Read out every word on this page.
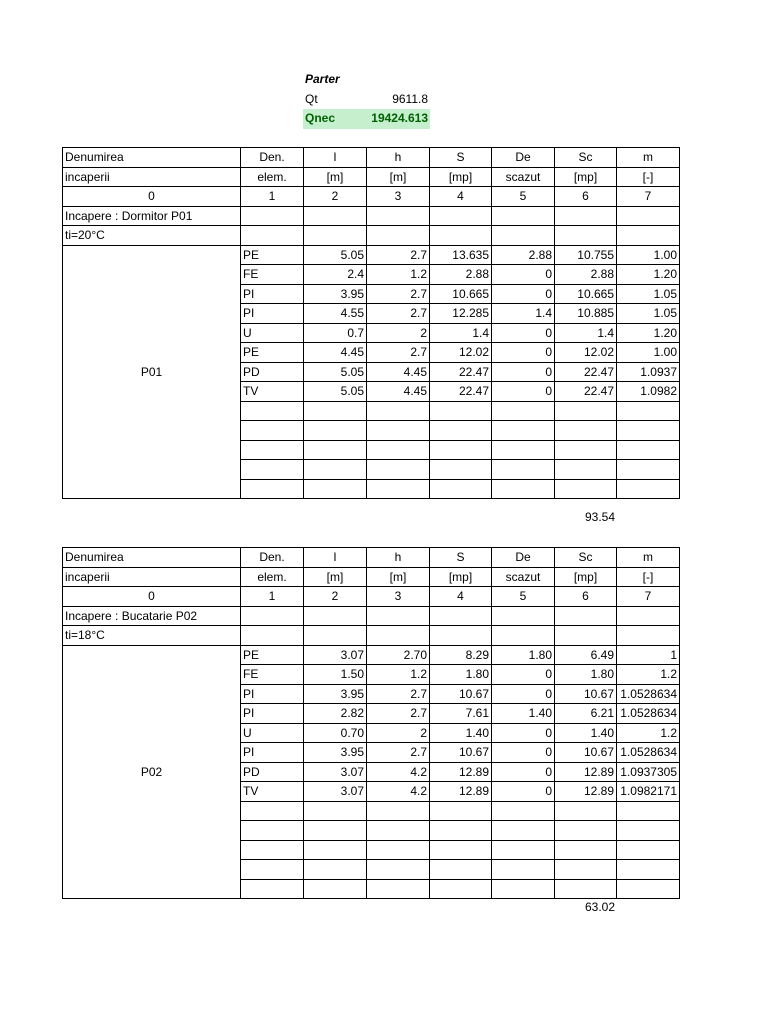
Parter
Qt	9611.8
Qnec	19424.613
Denumirea	Den.	l	h	S	De	Sc	m
incaperii	elem.	[m]	[m]	[mp]	scazut	[mp]	[-]
0	1	2	3	4	5	6	7
Incapere : Dormitor P01							
ti=20°C							
P01	PE	5.05	2.7	13.635	2.88	10.755	1.00
	FE	2.4	1.2	2.88	0	2.88	1.20
	PI	3.95	2.7	10.665	0	10.665	1.05
	PI	4.55	2.7	12.285	1.4	10.885	1.05
	U	0.7	2	1.4	0	1.4	1.20
	PE	4.45	2.7	12.02	0	12.02	1.00
	PD	5.05	4.45	22.47	0	22.47	1.0937
	TV	5.05	4.45	22.47	0	22.47	1.0982

93.54
Denumirea	Den.	l	h	S	De	Sc	m
incaperii	elem.	[m]	[m]	[mp]	scazut	[mp]	[-]
0	1	2	3	4	5	6	7
Incapere : Bucatarie P02							
ti=18°C							
P02	PE	3.07	2.70	8.29	1.80	6.49	1
	FE	1.50	1.2	1.80	0	1.80	1.2
	PI	3.95	2.7	10.67	0	10.67	1.0528634
	PI	2.82	2.7	7.61	1.40	6.21	1.0528634
	U	0.70	2	1.40	0	1.40	1.2
	PI	3.95	2.7	10.67	0	10.67	1.0528634
	PD	3.07	4.2	12.89	0	12.89	1.0937305
	TV	3.07	4.2	12.89	0	12.89	1.0982171

63.02
